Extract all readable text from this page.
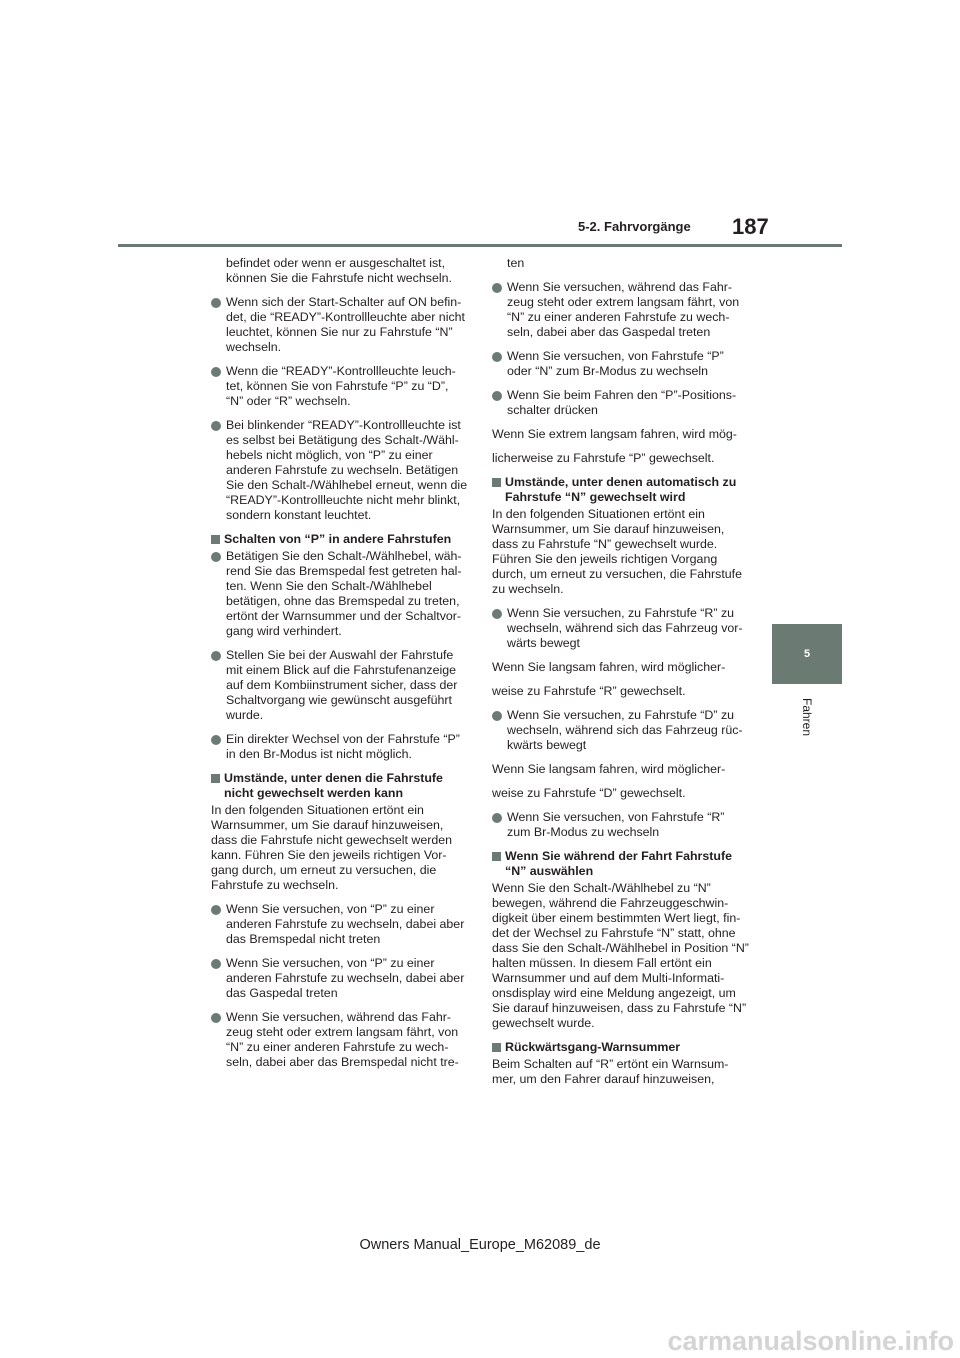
187
5-2. Fahrvorgänge
5
Fahren

befindet oder wenn er ausgeschaltet ist, können Sie die Fahrstufe nicht wechseln.

Wenn sich der Start-Schalter auf ON befin-det, die “READY”-Kontrollleuchte aber nicht leuchtet, können Sie nur zu Fahrstufe “N” wechseln.
Wenn die “READY”-Kontrollleuchte leuch-tet, können Sie von Fahrstufe “P” zu “D”, “N” oder “R” wechseln.
Bei blinkender “READY”-Kontrollleuchte ist es selbst bei Betätigung des Schalt-/Wähl-hebels nicht möglich, von “P” zu einer anderen Fahrstufe zu wechseln. Betätigen Sie den Schalt-/Wählhebel erneut, wenn die “READY”-Kontrollleuchte nicht mehr blinkt, sondern konstant leuchtet.
Schalten von “P” in andere Fahrstufen
Betätigen Sie den Schalt-/Wählhebel, wäh-rend Sie das Bremspedal fest getreten hal-ten. Wenn Sie den Schalt-/Wählhebel betätigen, ohne das Bremspedal zu treten, ertönt der Warnsummer und der Schaltvor-gang wird verhindert.
Stellen Sie bei der Auswahl der Fahrstufe mit einem Blick auf die Fahrstufenanzeige auf dem Kombiinstrument sicher, dass der Schaltvorgang wie gewünscht ausgeführt wurde.
Ein direkter Wechsel von der Fahrstufe “P” in den Br-Modus ist nicht möglich.
Umstände, unter denen die Fahrstufe nicht gewechselt werden kann

In den folgenden Situationen ertönt ein Warnsummer, um Sie darauf hinzuweisen, dass die Fahrstufe nicht gewechselt werden kann. Führen Sie den jeweils richtigen Vor-gang durch, um erneut zu versuchen, die Fahrstufe zu wechseln.

Wenn Sie versuchen, von “P” zu einer anderen Fahrstufe zu wechseln, dabei aber das Bremspedal nicht treten
Wenn Sie versuchen, von “P” zu einer anderen Fahrstufe zu wechseln, dabei aber das Gaspedal treten
Wenn Sie versuchen, während das Fahr-zeug steht oder extrem langsam fährt, von “N” zu einer anderen Fahrstufe zu wech-seln, dabei aber das Bremspedal nicht tre-

ten

Wenn Sie versuchen, während das Fahr-zeug steht oder extrem langsam fährt, von “N” zu einer anderen Fahrstufe zu wech-seln, dabei aber das Gaspedal treten
Wenn Sie versuchen, von Fahrstufe “P” oder “N” zum Br-Modus zu wechseln
Wenn Sie beim Fahren den “P”-Positions-schalter drücken

Wenn Sie extrem langsam fahren, wird mög-

licherweise zu Fahrstufe “P” gewechselt.

Umstände, unter denen automatisch zu Fahrstufe “N” gewechselt wird

In den folgenden Situationen ertönt ein Warnsummer, um Sie darauf hinzuweisen, dass zu Fahrstufe “N” gewechselt wurde. Führen Sie den jeweils richtigen Vorgang durch, um erneut zu versuchen, die Fahrstufe zu wechseln.

Wenn Sie versuchen, zu Fahrstufe “R” zu wechseln, während sich das Fahrzeug vor-wärts bewegt

Wenn Sie langsam fahren, wird möglicher-

weise zu Fahrstufe “R” gewechselt.

Wenn Sie versuchen, zu Fahrstufe “D” zu wechseln, während sich das Fahrzeug rüc-kwärts bewegt

Wenn Sie langsam fahren, wird möglicher-

weise zu Fahrstufe “D” gewechselt.

Wenn Sie versuchen, von Fahrstufe “R” zum Br-Modus zu wechseln
Wenn Sie während der Fahrt Fahrstufe “N” auswählen

Wenn Sie den Schalt-/Wählhebel zu “N” bewegen, während die Fahrzeuggeschwin-digkeit über einem bestimmten Wert liegt, fin-det der Wechsel zu Fahrstufe “N” statt, ohne dass Sie den Schalt-/Wählhebel in Position “N” halten müssen. In diesem Fall ertönt ein Warnsummer und auf dem Multi-Informati-onsdisplay wird eine Meldung angezeigt, um Sie darauf hinzuweisen, dass zu Fahrstufe “N” gewechselt wurde.

Rückwärtsgang-Warnsummer

Beim Schalten auf “R” ertönt ein Warnsum-mer, um den Fahrer darauf hinzuweisen,

Owners Manual_Europe_M62089_de
carmanualsonline.info
